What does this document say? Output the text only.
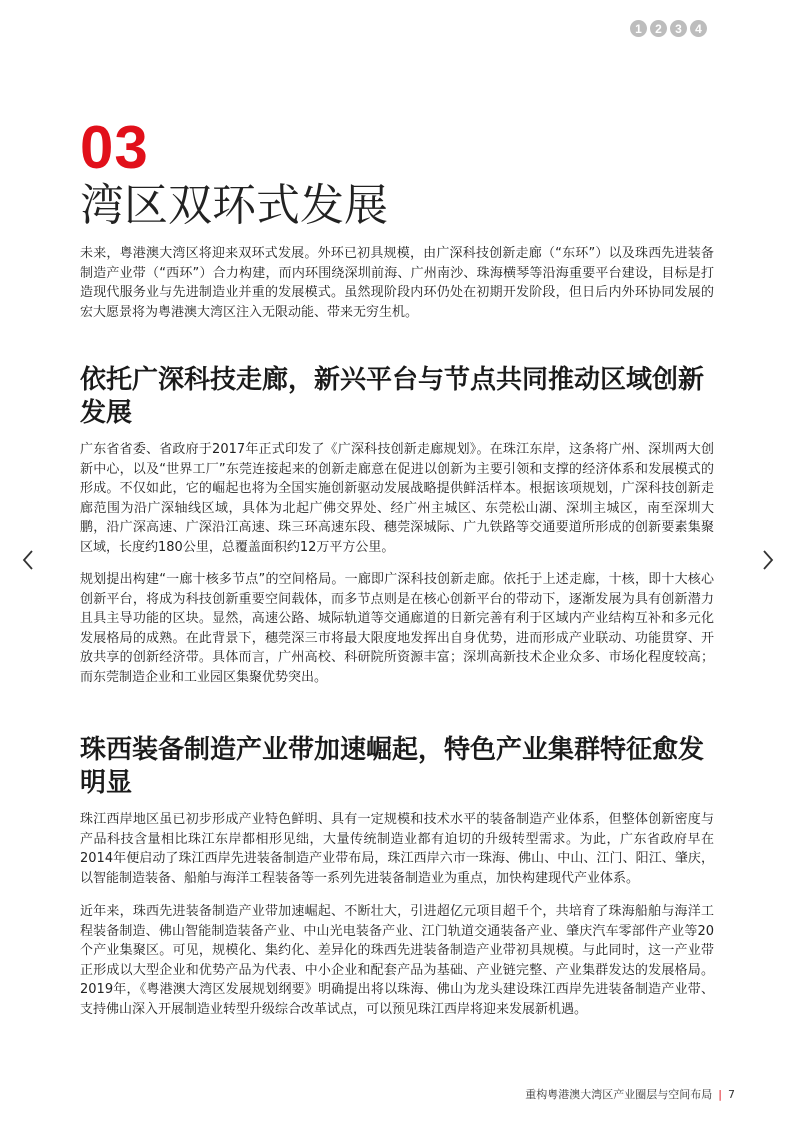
1	2	3	4
03
湾区双环式发展

未来，粤港澳大湾区将迎来双环式发展。外环已初具规模，由广深科技创新走廊（“东环”）以及珠西先进装备制造产业带（“西环”）合力构建，而内环围绕深圳前海、广州南沙、珠海横琴等沿海重要平台建设，目标是打造现代服务业与先进制造业并重的发展模式。虽然现阶段内环仍处在初期开发阶段，但日后内外环协同发展的宏大愿景将为粤港澳大湾区注入无限动能、带来无穷生机。

依托广深科技走廊，新兴平台与节点共同推动区域创新发展

广东省省委、省政府于2017年正式印发了《广深科技创新走廊规划》。在珠江东岸，这条将广州、深圳两大创新中心，以及“世界工厂”东莞连接起来的创新走廊意在促进以创新为主要引领和支撑的经济体系和发展模式的形成。不仅如此，它的崛起也将为全国实施创新驱动发展战略提供鲜活样本。根据该项规划，广深科技创新走廊范围为沿广深轴线区域，具体为北起广佛交界处、经广州主城区、东莞松山湖、深圳主城区，南至深圳大鹏，沿广深高速、广深沿江高速、珠三环高速东段、穗莞深城际、广九铁路等交通要道所形成的创新要素集聚区域，长度约180公里，总覆盖面积约12万平方公里。

规划提出构建“一廊十核多节点”的空间格局。一廊即广深科技创新走廊。依托于上述走廊，十核，即十大核心创新平台，将成为科技创新重要空间载体，而多节点则是在核心创新平台的带动下，逐渐发展为具有创新潜力且具主导功能的区块。显然，高速公路、城际轨道等交通廊道的日新完善有利于区域内产业结构互补和多元化发展格局的成熟。在此背景下，穗莞深三市将最大限度地发挥出自身优势，进而形成产业联动、功能贯穿、开放共享的创新经济带。具体而言，广州高校、科研院所资源丰富；深圳高新技术企业众多、市场化程度较高；而东莞制造企业和工业园区集聚优势突出。

珠西装备制造产业带加速崛起，特色产业集群特征愈发明显

珠江西岸地区虽已初步形成产业特色鲜明、具有一定规模和技术水平的装备制造产业体系，但整体创新密度与产品科技含量相比珠江东岸都相形见绌，大量传统制造业都有迫切的升级转型需求。为此，广东省政府早在2014年便启动了珠江西岸先进装备制造产业带布局，珠江西岸六市一珠海、佛山、中山、江门、阳江、肇庆，以智能制造装备、船舶与海洋工程装备等一系列先进装备制造业为重点，加快构建现代产业体系。

近年来，珠西先进装备制造产业带加速崛起、不断壮大，引进超亿元项目超千个，共培育了珠海船舶与海洋工程装备制造、佛山智能制造装备产业、中山光电装备产业、江门轨道交通装备产业、肇庆汽车零部件产业等20个产业集聚区。可见，规模化、集约化、差异化的珠西先进装备制造产业带初具规模。与此同时，这一产业带正形成以大型企业和优势产品为代表、中小企业和配套产品为基础、产业链完整、产业集群发达的发展格局。2019年，《粤港澳大湾区发展规划纲要》明确提出将以珠海、佛山为龙头建设珠江西岸先进装备制造产业带、支持佛山深入开展制造业转型升级综合改革试点，可以预见珠江西岸将迎来发展新机遇。

重构粤港澳大湾区产业圈层与空间布局 | 7
